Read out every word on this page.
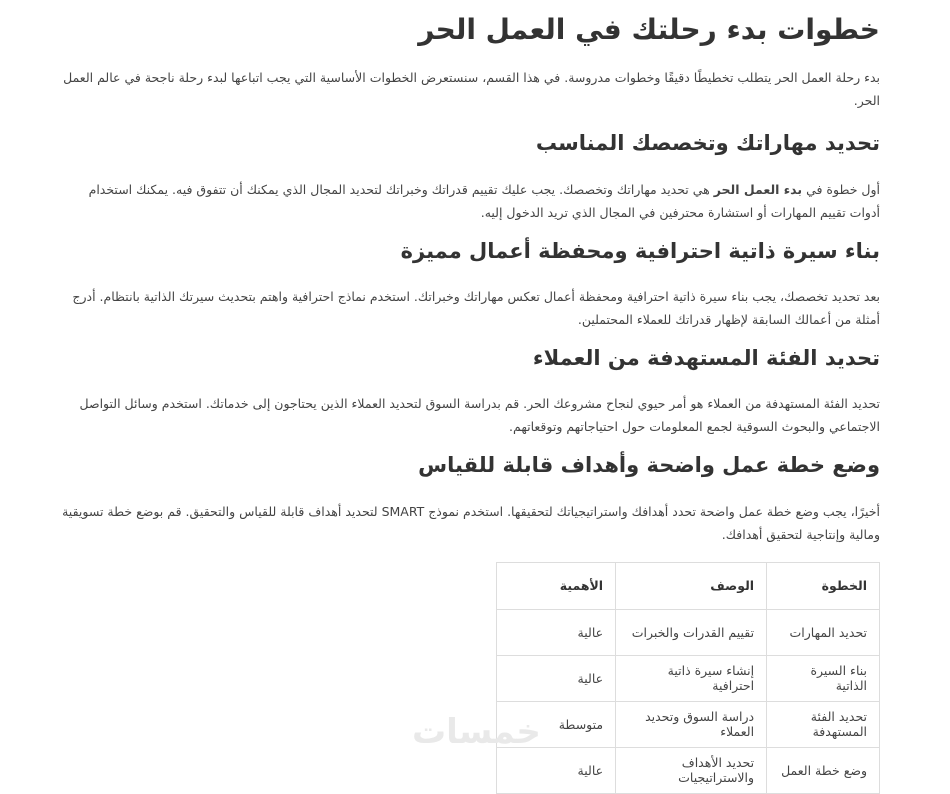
خطوات بدء رحلتك في العمل الحر

بدء رحلة العمل الحر يتطلب تخطيطًا دقيقًا وخطوات مدروسة. في هذا القسم، سنستعرض الخطوات الأساسية التي يجب اتباعها لبدء رحلة ناجحة في عالم العمل الحر.

تحديد مهاراتك وتخصصك المناسب

أول خطوة في بدء العمل الحر هي تحديد مهاراتك وتخصصك. يجب عليك تقييم قدراتك وخبراتك لتحديد المجال الذي يمكنك أن تتفوق فيه. يمكنك استخدام أدوات تقييم المهارات أو استشارة محترفين في المجال الذي تريد الدخول إليه.

بناء سيرة ذاتية احترافية ومحفظة أعمال مميزة

بعد تحديد تخصصك، يجب بناء سيرة ذاتية احترافية ومحفظة أعمال تعكس مهاراتك وخبراتك. استخدم نماذج احترافية واهتم بتحديث سيرتك الذاتية بانتظام. أدرج أمثلة من أعمالك السابقة لإظهار قدراتك للعملاء المحتملين.

تحديد الفئة المستهدفة من العملاء

تحديد الفئة المستهدفة من العملاء هو أمر حيوي لنجاح مشروعك الحر. قم بدراسة السوق لتحديد العملاء الذين يحتاجون إلى خدماتك. استخدم وسائل التواصل الاجتماعي والبحوث السوقية لجمع المعلومات حول احتياجاتهم وتوقعاتهم.

وضع خطة عمل واضحة وأهداف قابلة للقياس

أخيرًا، يجب وضع خطة عمل واضحة تحدد أهدافك واستراتيجياتك لتحقيقها. استخدم نموذج SMART لتحديد أهداف قابلة للقياس والتحقيق. قم بوضع خطة تسويقية ومالية وإنتاجية لتحقيق أهدافك.

الخطوة	الوصف	الأهمية
تحديد المهارات	تقييم القدرات والخبرات	عالية
بناء السيرة الذاتية	إنشاء سيرة ذاتية احترافية	عالية
تحديد الفئة المستهدفة	دراسة السوق وتحديد العملاء	متوسطة
وضع خطة العمل	تحديد الأهداف والاستراتيجيات	عالية
خمسات
